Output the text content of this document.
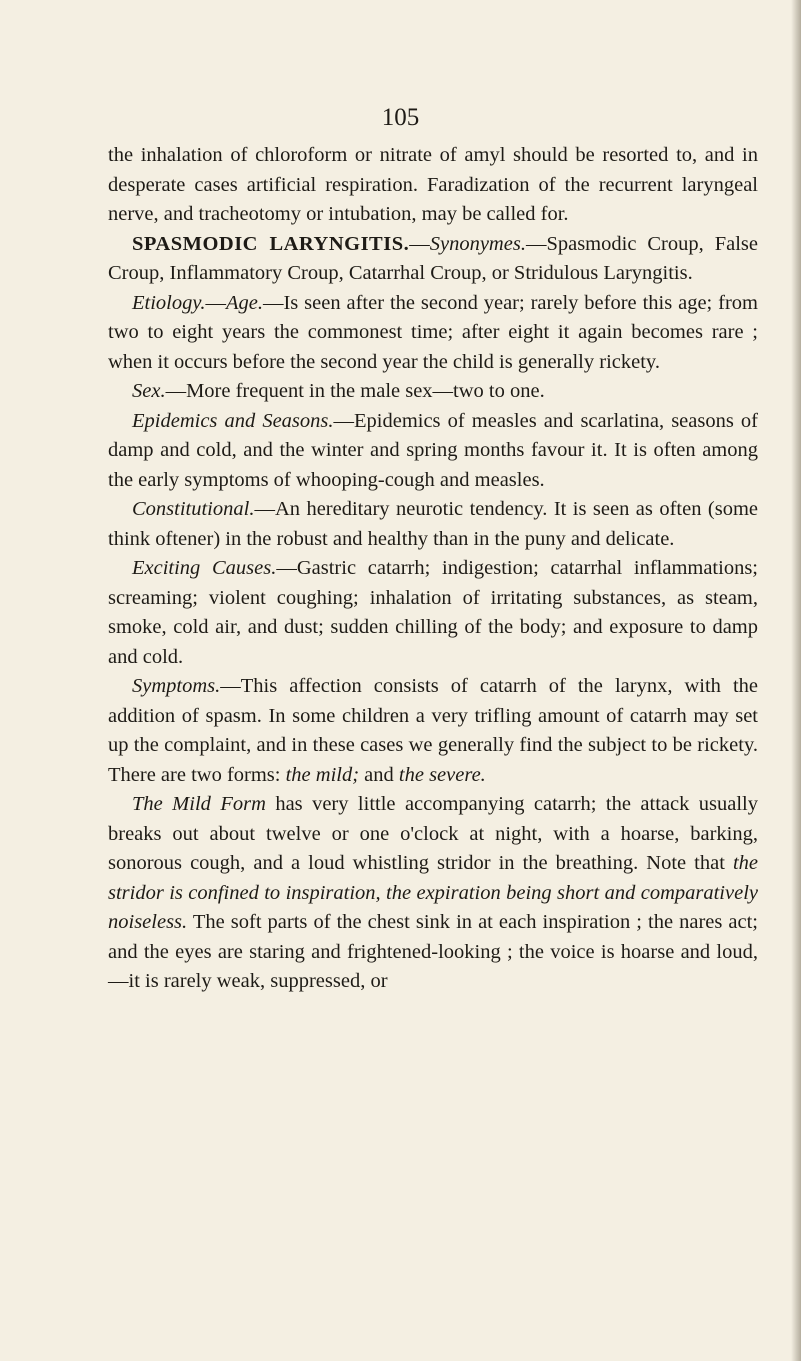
105

the inhalation of chloroform or nitrate of amyl should be resorted to, and in desperate cases artificial respiration. Faradization of the recurrent laryngeal nerve, and tracheotomy or intubation, may be called for.

SPASMODIC LARYNGITIS.—Synonymes.—Spasmodic Croup, False Croup, Inflammatory Croup, Catarrhal Croup, or Stridulous Laryngitis.

Etiology.—Age.—Is seen after the second year; rarely before this age; from two to eight years the commonest time; after eight it again becomes rare ; when it occurs before the second year the child is generally rickety.

Sex.—More frequent in the male sex—two to one.

Epidemics and Seasons.—Epidemics of measles and scarlatina, seasons of damp and cold, and the winter and spring months favour it. It is often among the early symptoms of whooping-cough and measles.

Constitutional.—An hereditary neurotic tendency. It is seen as often (some think oftener) in the robust and healthy than in the puny and delicate.

Exciting Causes.—Gastric catarrh; indigestion; catarrhal inflammations; screaming; violent coughing; inhalation of irritating substances, as steam, smoke, cold air, and dust; sudden chilling of the body; and exposure to damp and cold.

Symptoms.—This affection consists of catarrh of the larynx, with the addition of spasm. In some children a very trifling amount of catarrh may set up the complaint, and in these cases we generally find the subject to be rickety. There are two forms: the mild; and the severe.

The Mild Form has very little accompanying catarrh; the attack usually breaks out about twelve or one o'clock at night, with a hoarse, barking, sonorous cough, and a loud whistling stridor in the breathing. Note that the stridor is confined to inspiration, the expiration being short and comparatively noiseless. The soft parts of the chest sink in at each inspiration ; the nares act; and the eyes are staring and frightened-looking ; the voice is hoarse and loud,—it is rarely weak, suppressed, or
